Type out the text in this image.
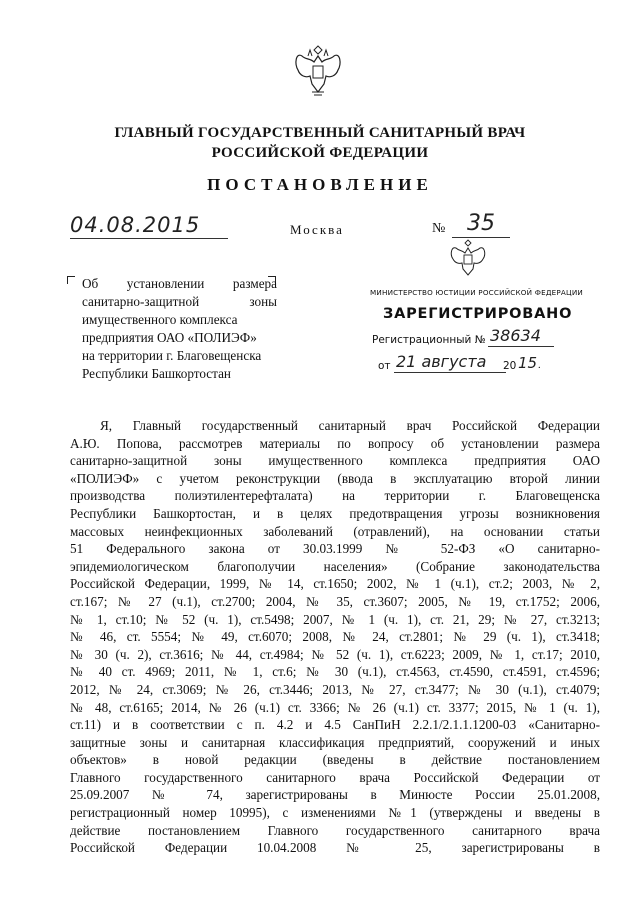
ГЛАВНЫЙ ГОСУДАРСТВЕННЫЙ САНИТАРНЫЙ ВРАЧ
РОССИЙСКОЙ ФЕДЕРАЦИИ
ПОСТАНОВЛЕНИЕ
04.08.2015	Москва	№ 35
Об установлении размера
санитарно-защитной зоны
имущественного комплекса
предприятия ОАО «ПОЛИЭФ»
на территории г. Благовещенска
Республики Башкортостан
МИНИСТЕРСТВО ЮСТИЦИИ РОССИЙСКОЙ ФЕДЕРАЦИИ
ЗАРЕГИСТРИРОВАНО
Регистрационный № 38634
от 21 августа	20 15 .
Я, Главный государственный санитарный врач Российской Федерации
А.Ю. Попова, рассмотрев материалы по вопросу об установлении размера
санитарно-защитной зоны имущественного комплекса предприятия ОАО
«ПОЛИЭФ» с учетом реконструкции (ввода в эксплуатацию второй линии
производства полиэтилентерефталата) на территории г. Благовещенска
Республики Башкортостан, и в целях предотвращения угрозы возникновения
массовых неинфекционных заболеваний (отравлений), на основании статьи
51 Федерального закона от 30.03.1999 № 52-ФЗ «О санитарно-
эпидемиологическом благополучии населения» (Собрание законодательства
Российской Федерации, 1999, № 14, ст.1650; 2002, № 1 (ч.1), ст.2; 2003, № 2,
ст.167; № 27 (ч.1), ст.2700; 2004, № 35, ст.3607; 2005, № 19, ст.1752; 2006,
№ 1, ст.10; № 52 (ч. 1), ст.5498; 2007, № 1 (ч. 1), ст. 21, 29; № 27, ст.3213;
№ 46, ст. 5554; № 49, ст.6070; 2008, № 24, ст.2801; № 29 (ч. 1), ст.3418;
№ 30 (ч. 2), ст.3616; № 44, ст.4984; № 52 (ч. 1), ст.6223; 2009, № 1, ст.17; 2010,
№ 40 ст. 4969; 2011, № 1, ст.6; № 30 (ч.1), ст.4563, ст.4590, ст.4591, ст.4596;
2012, № 24, ст.3069; № 26, ст.3446; 2013, № 27, ст.3477; № 30 (ч.1), ст.4079;
№ 48, ст.6165; 2014, № 26 (ч.1) ст. 3366; № 26 (ч.1) ст. 3377; 2015, № 1 (ч. 1),
ст.11) и в соответствии с п. 4.2 и 4.5 СанПиН 2.2.1/2.1.1.1200-03 «Санитарно-
защитные зоны и санитарная классификация предприятий, сооружений и иных
объектов» в новой редакции (введены в действие постановлением
Главного государственного санитарного врача Российской Федерации от
25.09.2007 № 74, зарегистрированы в Минюсте России 25.01.2008,
регистрационный номер 10995), с изменениями №1 (утверждены и введены в
действие постановлением Главного государственного санитарного врача
Российской Федерации 10.04.2008 № 25, зарегистрированы в
